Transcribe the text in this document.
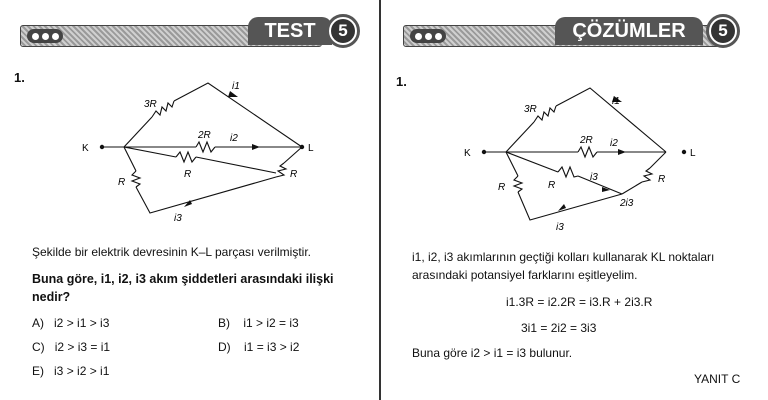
TEST	5	ÇÖZÜMLER	5
1.
K	L
3R
2R
R	R
R
i1
i2
i3
Şekilde bir elektrik devresinin K–L parçası verilmiştir.
Buna göre, i1, i2, i3 akım şiddetleri arasındaki ilişki
nedir?
A) i2 > i1 > i3	B) i1 > i2 = i3
C) i2 > i3 = i1	D) i1 = i3 > i2
E) i3 > i2 > i1
1.
K	L
3R
2R
R
R
R
i1
i2
i3
2i3
i3
i1, i2, i3 akımlarının geçtiği kolları kullanarak KL noktaları
arasındaki potansiyel farklarını eşitleyelim.
i1.3R = i2.2R = i3.R + 2i3.R
3i1 = 2i2 = 3i3
Buna göre i2 > i1 = i3 bulunur.
YANIT C
